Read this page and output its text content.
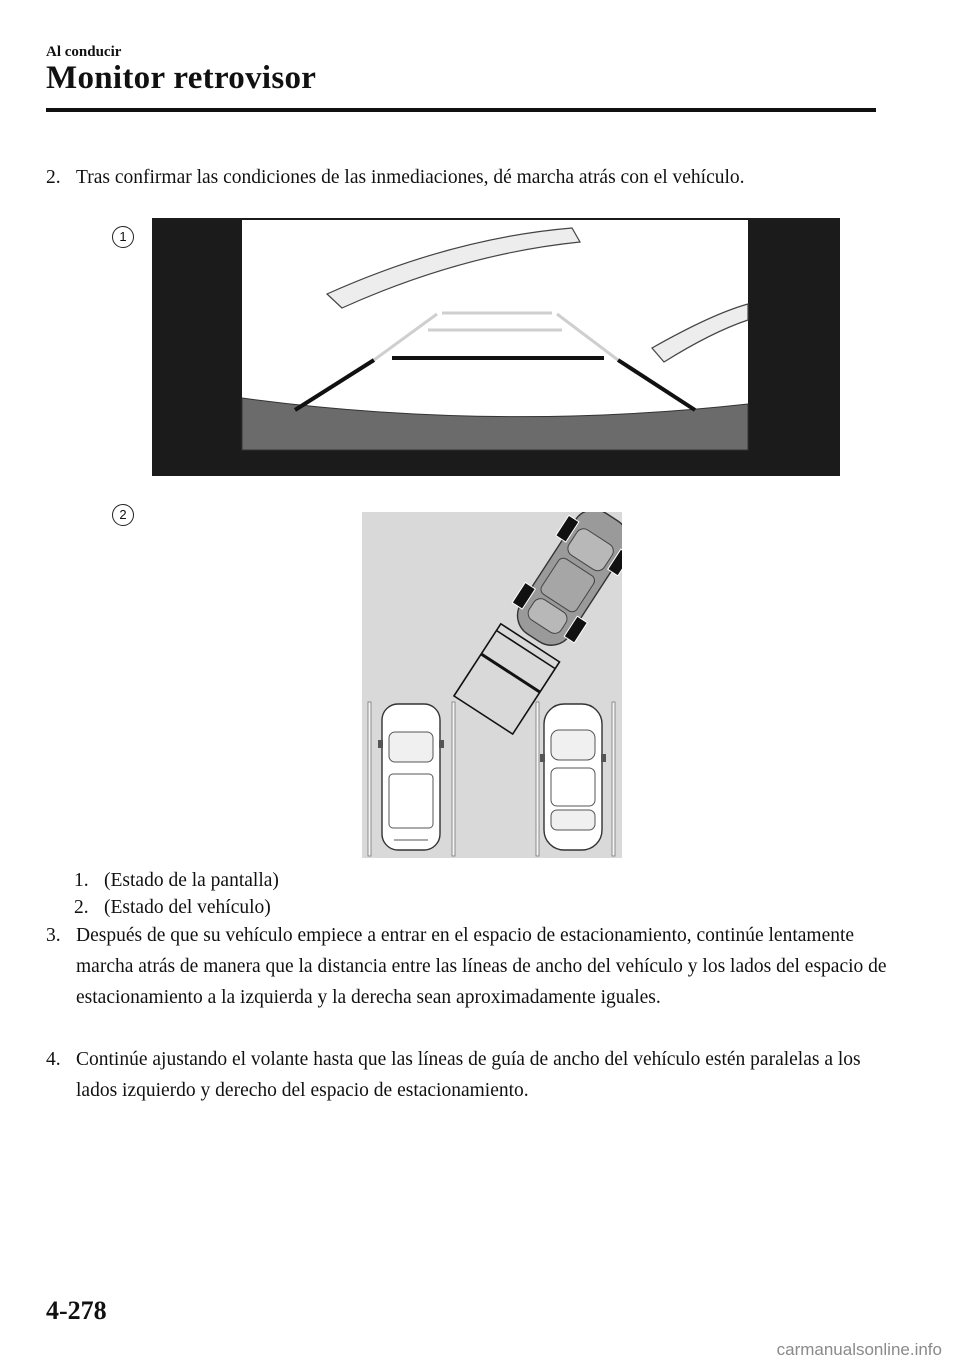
Al conducir
Monitor retrovisor
2. Tras confirmar las condiciones de las inmediaciones, dé marcha atrás con el vehículo.
1
2
1. (Estado de la pantalla)
2. (Estado del vehículo)
3. Después de que su vehículo empiece a entrar en el espacio de estacionamiento, continúe lentamente marcha atrás de manera que la distancia entre las líneas de ancho del vehículo y los lados del espacio de estacionamiento a la izquierda y la derecha sean aproximadamente iguales.
4. Continúe ajustando el volante hasta que las líneas de guía de ancho del vehículo estén paralelas a los lados izquierdo y derecho del espacio de estacionamiento.
4-278
carmanualsonline.info
